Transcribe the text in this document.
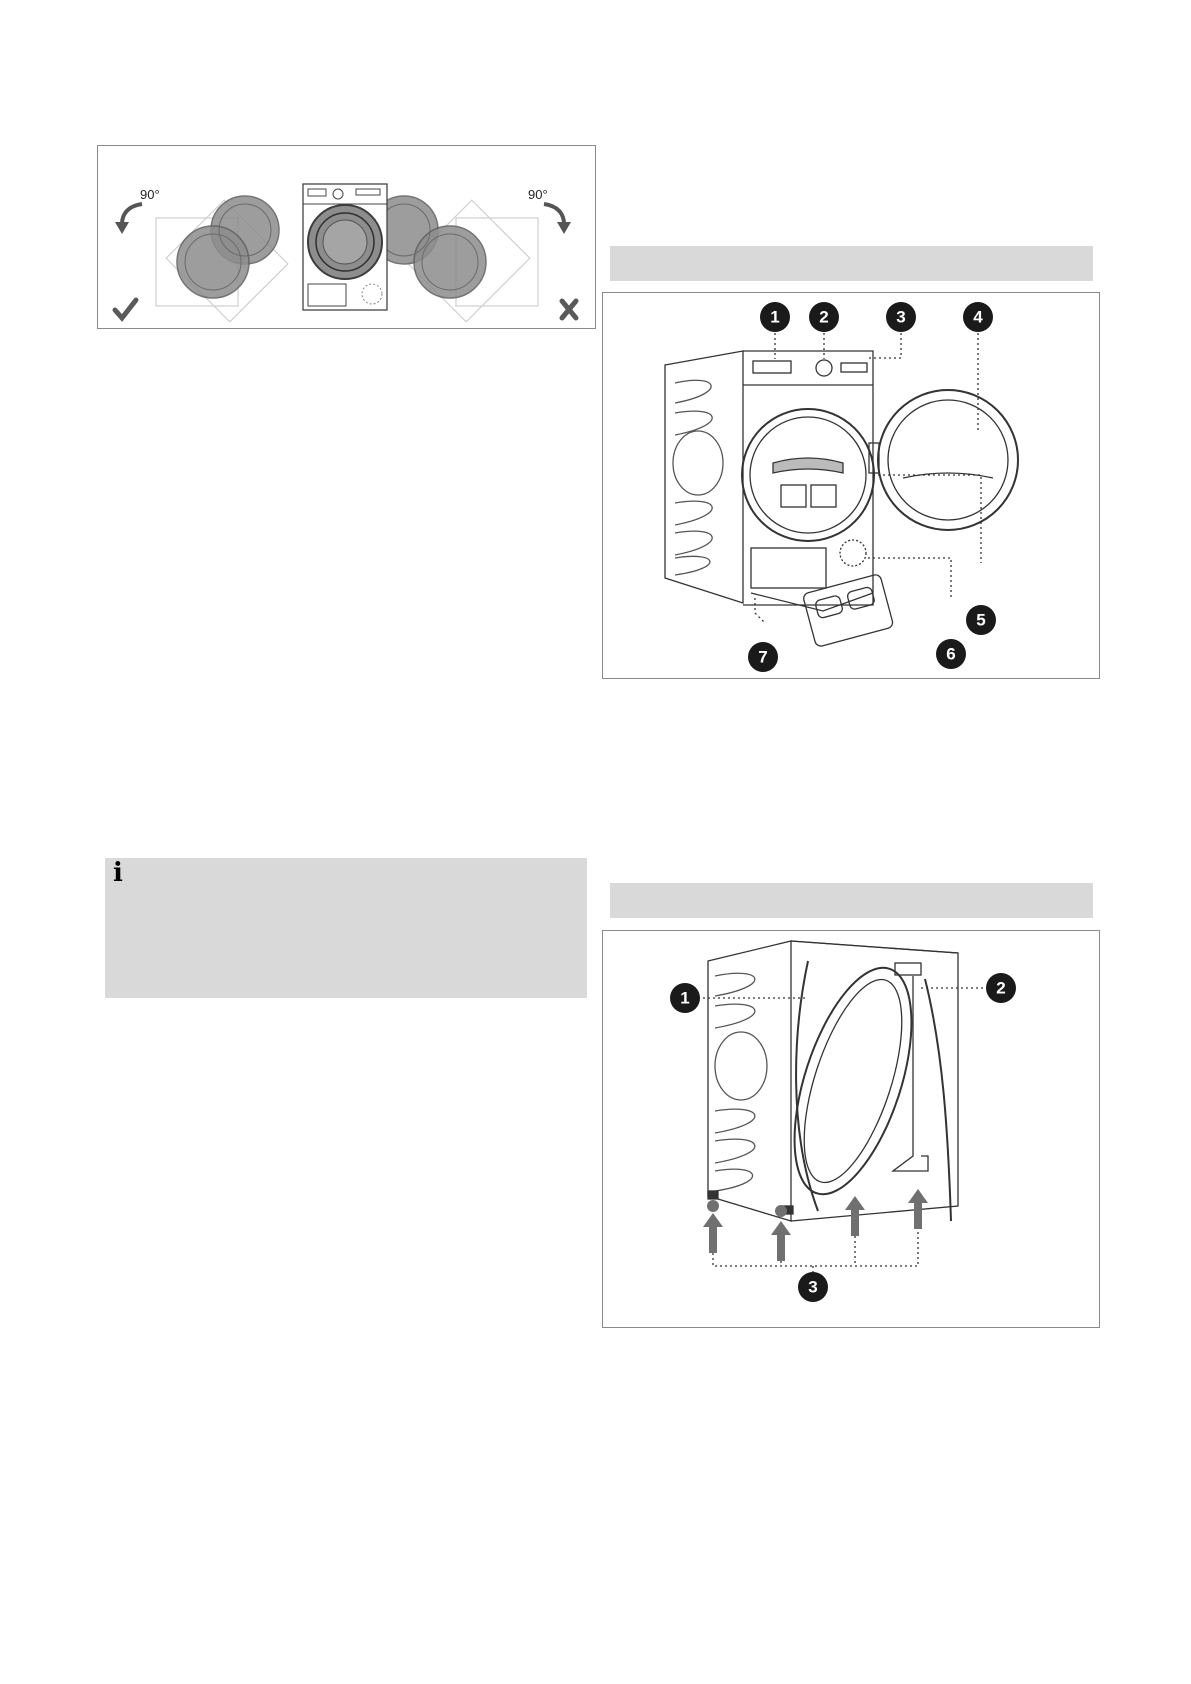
90°	90°
1 2	3	4
5
6
7
i
1
2
3
